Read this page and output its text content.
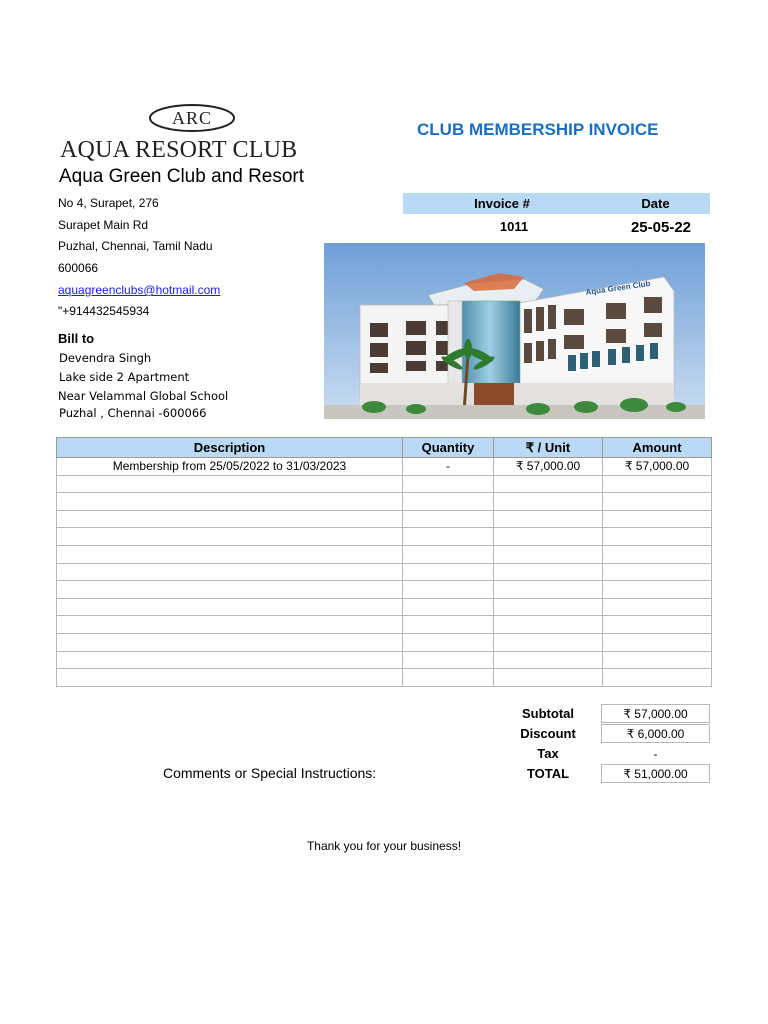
ARC
AQUA RESORT CLUB
Aqua Green Club and Resort
No 4, Surapet, 276
Surapet Main Rd
Puzhal, Chennai, Tamil Nadu
600066
aquagreenclubs@hotmail.com
"+914432545934
CLUB MEMBERSHIP INVOICE
Invoice #	Date
1011	25-05-22
Aqua Green Club
Bill to
Devendra Singh
Lake side 2 Apartment
Near Velammal Global School
Puzhal , Chennai -600066
Description	Quantity	₹ / Unit	Amount
Membership from 25/05/2022 to 31/03/2023	-	₹ 57,000.00	₹ 57,000.00

Subtotal	₹ 57,000.00
Discount	₹ 6,000.00
Tax	-
TOTAL	₹ 51,000.00
Comments or Special Instructions:
Thank you for your business!
